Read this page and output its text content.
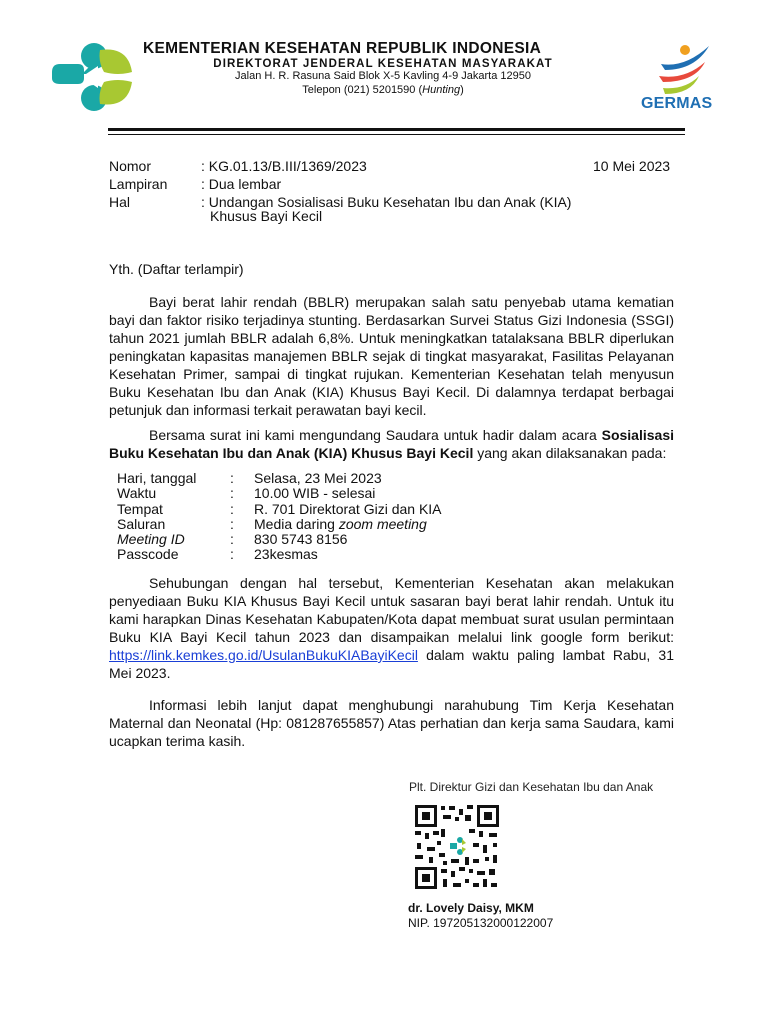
KEMENTERIAN KESEHATAN REPUBLIK INDONESIA
DIREKTORAT JENDERAL KESEHATAN MASYARAKAT
Jalan H. R. Rasuna Said Blok X-5 Kavling 4-9 Jakarta 12950
Telepon (021) 5201590 (Hunting)
GERMAS
Nomor	: KG.01.13/B.III/1369/2023	10 Mei 2023
Lampiran : Dua lembar
Hal	: Undangan Sosialisasi Buku Kesehatan Ibu dan Anak (KIA)
Khusus Bayi Kecil
Yth. (Daftar terlampir)
Bayi berat lahir rendah (BBLR) merupakan salah satu penyebab utama kematian bayi dan faktor risiko terjadinya stunting. Berdasarkan Survei Status Gizi Indonesia (SSGI) tahun 2021 jumlah BBLR adalah 6,8%. Untuk meningkatkan tatalaksana BBLR diperlukan peningkatan kapasitas manajemen BBLR sejak di tingkat masyarakat, Fasilitas Pelayanan Kesehatan Primer, sampai di tingkat rujukan. Kementerian Kesehatan telah menyusun Buku Kesehatan Ibu dan Anak (KIA) Khusus Bayi Kecil. Di dalamnya terdapat berbagai petunjuk dan informasi terkait perawatan bayi kecil.
Bersama surat ini kami mengundang Saudara untuk hadir dalam acara Sosialisasi Buku Kesehatan Ibu dan Anak (KIA) Khusus Bayi Kecil yang akan dilaksanakan pada:
Hari, tanggal : Selasa, 23 Mei 2023
Waktu	: 10.00 WIB - selesai
Tempat	: R. 701 Direktorat Gizi dan KIA
Saluran	: Media daring zoom meeting
Meeting ID	: 830 5743 8156
Passcode	: 23kesmas
Sehubungan dengan hal tersebut, Kementerian Kesehatan akan melakukan penyediaan Buku KIA Khusus Bayi Kecil untuk sasaran bayi berat lahir rendah. Untuk itu kami harapkan Dinas Kesehatan Kabupaten/Kota dapat membuat surat usulan permintaan Buku KIA Bayi Kecil tahun 2023 dan disampaikan melalui link google form berikut: https://link.kemkes.go.id/UsulanBukuKIABayiKecil dalam waktu paling lambat Rabu, 31 Mei 2023.
Informasi lebih lanjut dapat menghubungi narahubung Tim Kerja Kesehatan Maternal dan Neonatal (Hp: 081287655857) Atas perhatian dan kerja sama Saudara, kami ucapkan terima kasih.
Plt. Direktur Gizi dan Kesehatan Ibu dan Anak
dr. Lovely Daisy, MKM
NIP. 197205132000122007
